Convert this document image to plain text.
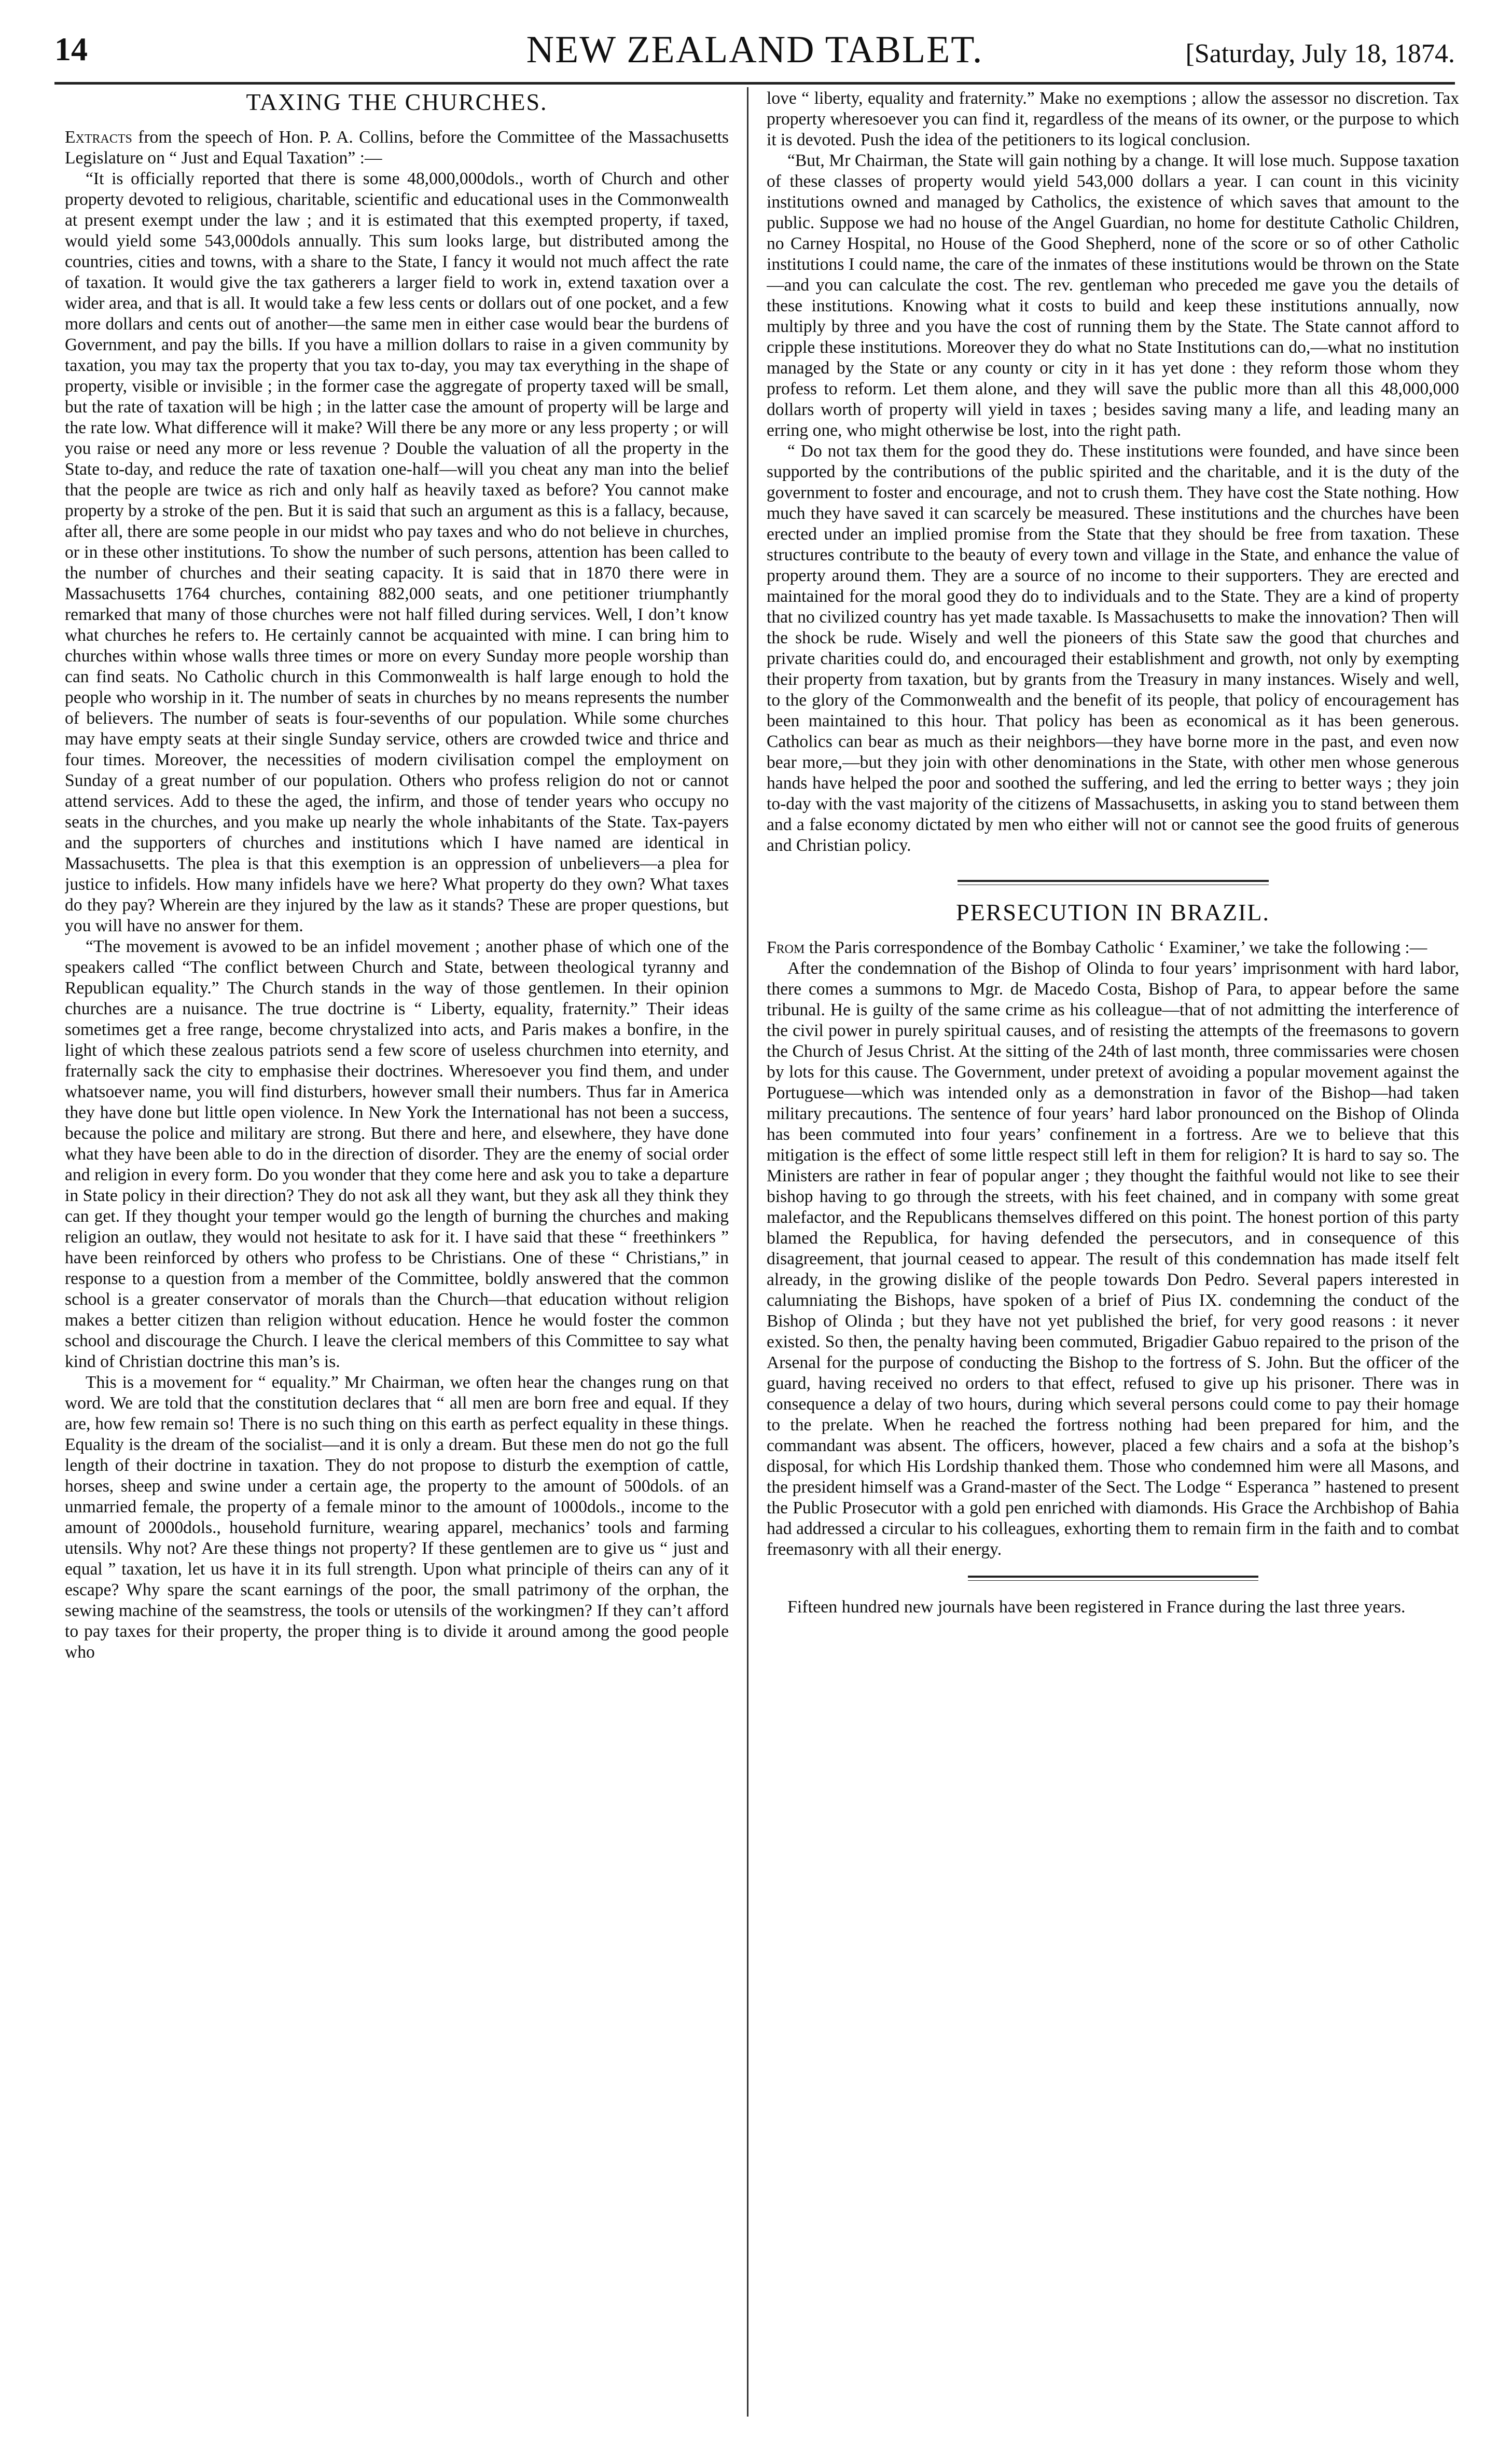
14	NEW ZEALAND TABLET.	[Saturday, July 18, 1874.
TAXING THE CHURCHES.

Extracts from the speech of Hon. P. A. Collins, before the Committee of the Massachusetts Legislature on “ Just and Equal Taxation” :—

“It is officially reported that there is some 48,000,000dols., worth of Church and other property devoted to religious, charitable, scientific and educational uses in the Commonwealth at present exempt under the law ; and it is estimated that this exempted property, if taxed, would yield some 543,000dols annually. This sum looks large, but distributed among the countries, cities and towns, with a share to the State, I fancy it would not much affect the rate of taxation. It would give the tax gatherers a larger field to work in, extend taxation over a wider area, and that is all. It would take a few less cents or dollars out of one pocket, and a few more dollars and cents out of another—the same men in either case would bear the burdens of Government, and pay the bills. If you have a million dollars to raise in a given community by taxation, you may tax the property that you tax to-day, you may tax everything in the shape of property, visible or invisible ; in the former case the aggregate of property taxed will be small, but the rate of taxation will be high ; in the latter case the amount of property will be large and the rate low. What difference will it make? Will there be any more or any less property ; or will you raise or need any more or less revenue ? Double the valuation of all the property in the State to-day, and reduce the rate of taxation one-half—will you cheat any man into the belief that the people are twice as rich and only half as heavily taxed as before? You cannot make property by a stroke of the pen. But it is said that such an argument as this is a fallacy, because, after all, there are some people in our midst who pay taxes and who do not believe in churches, or in these other institutions. To show the number of such persons, attention has been called to the number of churches and their seating capacity. It is said that in 1870 there were in Massachusetts 1764 churches, containing 882,000 seats, and one petitioner triumphantly remarked that many of those churches were not half filled during services. Well, I don’t know what churches he refers to. He certainly cannot be acquainted with mine. I can bring him to churches within whose walls three times or more on every Sunday more people worship than can find seats. No Catholic church in this Commonwealth is half large enough to hold the people who worship in it. The number of seats in churches by no means represents the number of believers. The number of seats is four-sevenths of our population. While some churches may have empty seats at their single Sunday service, others are crowded twice and thrice and four times. Moreover, the necessities of modern civilisation compel the employment on Sunday of a great number of our population. Others who profess religion do not or cannot attend services. Add to these the aged, the infirm, and those of tender years who occupy no seats in the churches, and you make up nearly the whole inhabitants of the State. Tax-payers and the supporters of churches and institutions which I have named are identical in Massachusetts. The plea is that this exemption is an oppression of unbelievers—a plea for justice to infidels. How many infidels have we here? What property do they own? What taxes do they pay? Wherein are they injured by the law as it stands? These are proper questions, but you will have no answer for them.

“The movement is avowed to be an infidel movement ; another phase of which one of the speakers called “The conflict between Church and State, between theological tyranny and Republican equality.” The Church stands in the way of those gentlemen. In their opinion churches are a nuisance. The true doctrine is “ Liberty, equality, fraternity.” Their ideas sometimes get a free range, become chrystalized into acts, and Paris makes a bonfire, in the light of which these zealous patriots send a few score of useless churchmen into eternity, and fraternally sack the city to emphasise their doctrines. Wheresoever you find them, and under whatsoever name, you will find disturbers, however small their numbers. Thus far in America they have done but little open violence. In New York the International has not been a success, because the police and military are strong. But there and here, and elsewhere, they have done what they have been able to do in the direction of disorder. They are the enemy of social order and religion in every form. Do you wonder that they come here and ask you to take a departure in State policy in their direction? They do not ask all they want, but they ask all they think they can get. If they thought your temper would go the length of burning the churches and making religion an outlaw, they would not hesitate to ask for it. I have said that these “ freethinkers ” have been reinforced by others who profess to be Christians. One of these “ Christians,” in response to a question from a member of the Committee, boldly answered that the common school is a greater conservator of morals than the Church—that education without religion makes a better citizen than religion without education. Hence he would foster the common school and discourage the Church. I leave the clerical members of this Committee to say what kind of Christian doctrine this man’s is.

This is a movement for “ equality.” Mr Chairman, we often hear the changes rung on that word. We are told that the constitution declares that “ all men are born free and equal. If they are, how few remain so! There is no such thing on this earth as perfect equality in these things. Equality is the dream of the socialist—and it is only a dream. But these men do not go the full length of their doctrine in taxation. They do not propose to disturb the exemption of cattle, horses, sheep and swine under a certain age, the property to the amount of 500dols. of an unmarried female, the property of a female minor to the amount of 1000dols., income to the amount of 2000dols., household furniture, wearing apparel, mechanics’ tools and farming utensils. Why not? Are these things not property? If these gentlemen are to give us “ just and equal ” taxation, let us have it in its full strength. Upon what principle of theirs can any of it escape? Why spare the scant earnings of the poor, the small patrimony of the orphan, the sewing machine of the seamstress, the tools or utensils of the workingmen? If they can’t afford to pay taxes for their property, the proper thing is to divide it around among the good people who

love “ liberty, equality and fraternity.” Make no exemptions ; allow the assessor no discretion. Tax property wheresoever you can find it, regardless of the means of its owner, or the purpose to which it is devoted. Push the idea of the petitioners to its logical conclusion.

“But, Mr Chairman, the State will gain nothing by a change. It will lose much. Suppose taxation of these classes of property would yield 543,000 dollars a year. I can count in this vicinity institutions owned and managed by Catholics, the existence of which saves that amount to the public. Suppose we had no house of the Angel Guardian, no home for destitute Catholic Children, no Carney Hospital, no House of the Good Shepherd, none of the score or so of other Catholic institutions I could name, the care of the inmates of these institutions would be thrown on the State—and you can calculate the cost. The rev. gentleman who preceded me gave you the details of these institutions. Knowing what it costs to build and keep these institutions annually, now multiply by three and you have the cost of running them by the State. The State cannot afford to cripple these institutions. Moreover they do what no State Institutions can do,—what no institution managed by the State or any county or city in it has yet done : they reform those whom they profess to reform. Let them alone, and they will save the public more than all this 48,000,000 dollars worth of property will yield in taxes ; besides saving many a life, and leading many an erring one, who might otherwise be lost, into the right path.

“ Do not tax them for the good they do. These institutions were founded, and have since been supported by the contributions of the public spirited and the charitable, and it is the duty of the government to foster and encourage, and not to crush them. They have cost the State nothing. How much they have saved it can scarcely be measured. These institutions and the churches have been erected under an implied promise from the State that they should be free from taxation. These structures contribute to the beauty of every town and village in the State, and enhance the value of property around them. They are a source of no income to their supporters. They are erected and maintained for the moral good they do to individuals and to the State. They are a kind of property that no civilized country has yet made taxable. Is Massachusetts to make the innovation? Then will the shock be rude. Wisely and well the pioneers of this State saw the good that churches and private charities could do, and encouraged their establishment and growth, not only by exempting their property from taxation, but by grants from the Treasury in many instances. Wisely and well, to the glory of the Commonwealth and the benefit of its people, that policy of encouragement has been maintained to this hour. That policy has been as economical as it has been generous. Catholics can bear as much as their neighbors—they have borne more in the past, and even now bear more,—but they join with other denominations in the State, with other men whose generous hands have helped the poor and soothed the suffering, and led the erring to better ways ; they join to-day with the vast majority of the citizens of Massachusetts, in asking you to stand between them and a false economy dictated by men who either will not or cannot see the good fruits of generous and Christian policy.

PERSECUTION IN BRAZIL.

From the Paris correspondence of the Bombay Catholic ‘ Examiner,’ we take the following :—

After the condemnation of the Bishop of Olinda to four years’ imprisonment with hard labor, there comes a summons to Mgr. de Macedo Costa, Bishop of Para, to appear before the same tribunal. He is guilty of the same crime as his colleague—that of not admitting the interference of the civil power in purely spiritual causes, and of resisting the attempts of the freemasons to govern the Church of Jesus Christ. At the sitting of the 24th of last month, three commissaries were chosen by lots for this cause. The Government, under pretext of avoiding a popular movement against the Portuguese—which was intended only as a demonstration in favor of the Bishop—had taken military precautions. The sentence of four years’ hard labor pronounced on the Bishop of Olinda has been commuted into four years’ confinement in a fortress. Are we to believe that this mitigation is the effect of some little respect still left in them for religion? It is hard to say so. The Ministers are rather in fear of popular anger ; they thought the faithful would not like to see their bishop having to go through the streets, with his feet chained, and in company with some great malefactor, and the Republicans themselves differed on this point. The honest portion of this party blamed the Republica, for having defended the persecutors, and in consequence of this disagreement, that journal ceased to appear. The result of this condemnation has made itself felt already, in the growing dislike of the people towards Don Pedro. Several papers interested in calumniating the Bishops, have spoken of a brief of Pius IX. condemning the conduct of the Bishop of Olinda ; but they have not yet published the brief, for very good reasons : it never existed. So then, the penalty having been commuted, Brigadier Gabuo repaired to the prison of the Arsenal for the purpose of conducting the Bishop to the fortress of S. John. But the officer of the guard, having received no orders to that effect, refused to give up his prisoner. There was in consequence a delay of two hours, during which several persons could come to pay their homage to the prelate. When he reached the fortress nothing had been prepared for him, and the commandant was absent. The officers, however, placed a few chairs and a sofa at the bishop’s disposal, for which His Lordship thanked them. Those who condemned him were all Masons, and the president himself was a Grand-master of the Sect. The Lodge “ Esperanca ” hastened to present the Public Prosecutor with a gold pen enriched with diamonds. His Grace the Archbishop of Bahia had addressed a circular to his colleagues, exhorting them to remain firm in the faith and to combat freemasonry with all their energy.

Fifteen hundred new journals have been registered in France during the last three years.
